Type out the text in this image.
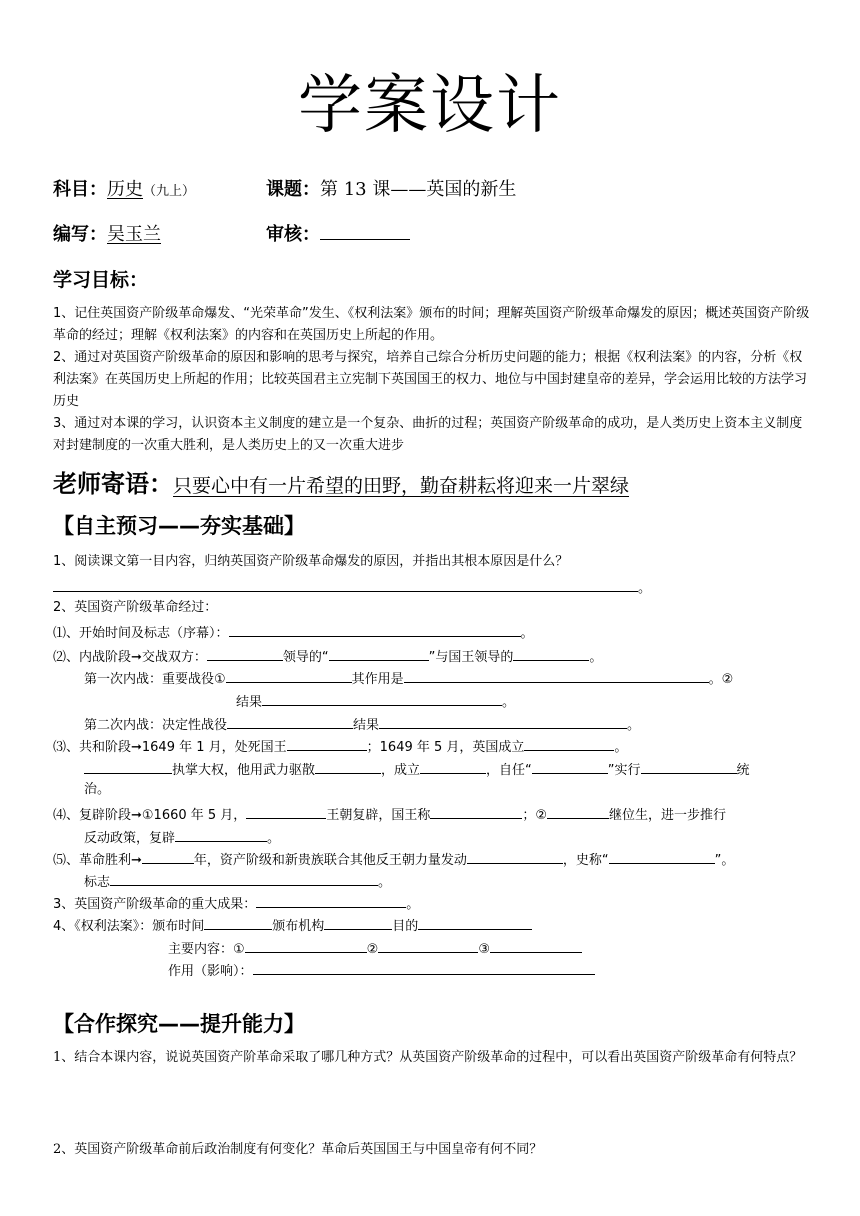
学案设计
科目：历史（九上）	课题：第 13 课——英国的新生
编写：吴玉兰	审核：
学习目标：

1、记住英国资产阶级革命爆发、“光荣革命”发生、《权利法案》颁布的时间；理解英国资产阶级革命爆发的原因；概述英国资产阶级革命的经过；理解《权利法案》的内容和在英国历史上所起的作用。

2、通过对英国资产阶级革命的原因和影响的思考与探究，培养自己综合分析历史问题的能力；根据《权利法案》的内容，分析《权利法案》在英国历史上所起的作用；比较英国君主立宪制下英国国王的权力、地位与中国封建皇帝的差异，学会运用比较的方法学习历史

3、通过对本课的学习，认识资本主义制度的建立是一个复杂、曲折的过程；英国资产阶级革命的成功，是人类历史上资本主义制度对封建制度的一次重大胜利，是人类历史上的又一次重大进步

老师寄语：只要心中有一片希望的田野，勤奋耕耘将迎来一片翠绿
【自主预习——夯实基础】
1、阅读课文第一目内容，归纳英国资产阶级革命爆发的原因，并指出其根本原因是什么？
。
2、英国资产阶级革命经过：
⑴、开始时间及标志（序幕）：	。
⑵、内战阶段➞交战双方：	领导的“	”与国王领导的	。
第一次内战：重要战役①	其作用是	。②
结果	。
第二次内战：决定性战役	结果	。
⑶、共和阶段➞1649 年 1 月，处死国王	；1649 年 5 月，英国成立	。
执掌大权，他用武力驱散	，成立	，自任“	”实行	统
治。
⑷、复辟阶段➞①1660 年 5 月，	王朝复辟，国王称	；②	继位生，进一步推行
反动政策，复辟	。
⑸、革命胜利➞	年，资产阶级和新贵族联合其他反王朝力量发动	，史称“	”。
标志	。
3、英国资产阶级革命的重大成果：	。
4、《权利法案》：颁布时间	颁布机构	目的
主要内容：①	②	③
作用（影响）：
【合作探究——提升能力】
1、结合本课内容，说说英国资产阶革命采取了哪几种方式？从英国资产阶级革命的过程中，可以看出英国资产阶级革命有何特点？
2、英国资产阶级革命前后政治制度有何变化？革命后英国国王与中国皇帝有何不同？
